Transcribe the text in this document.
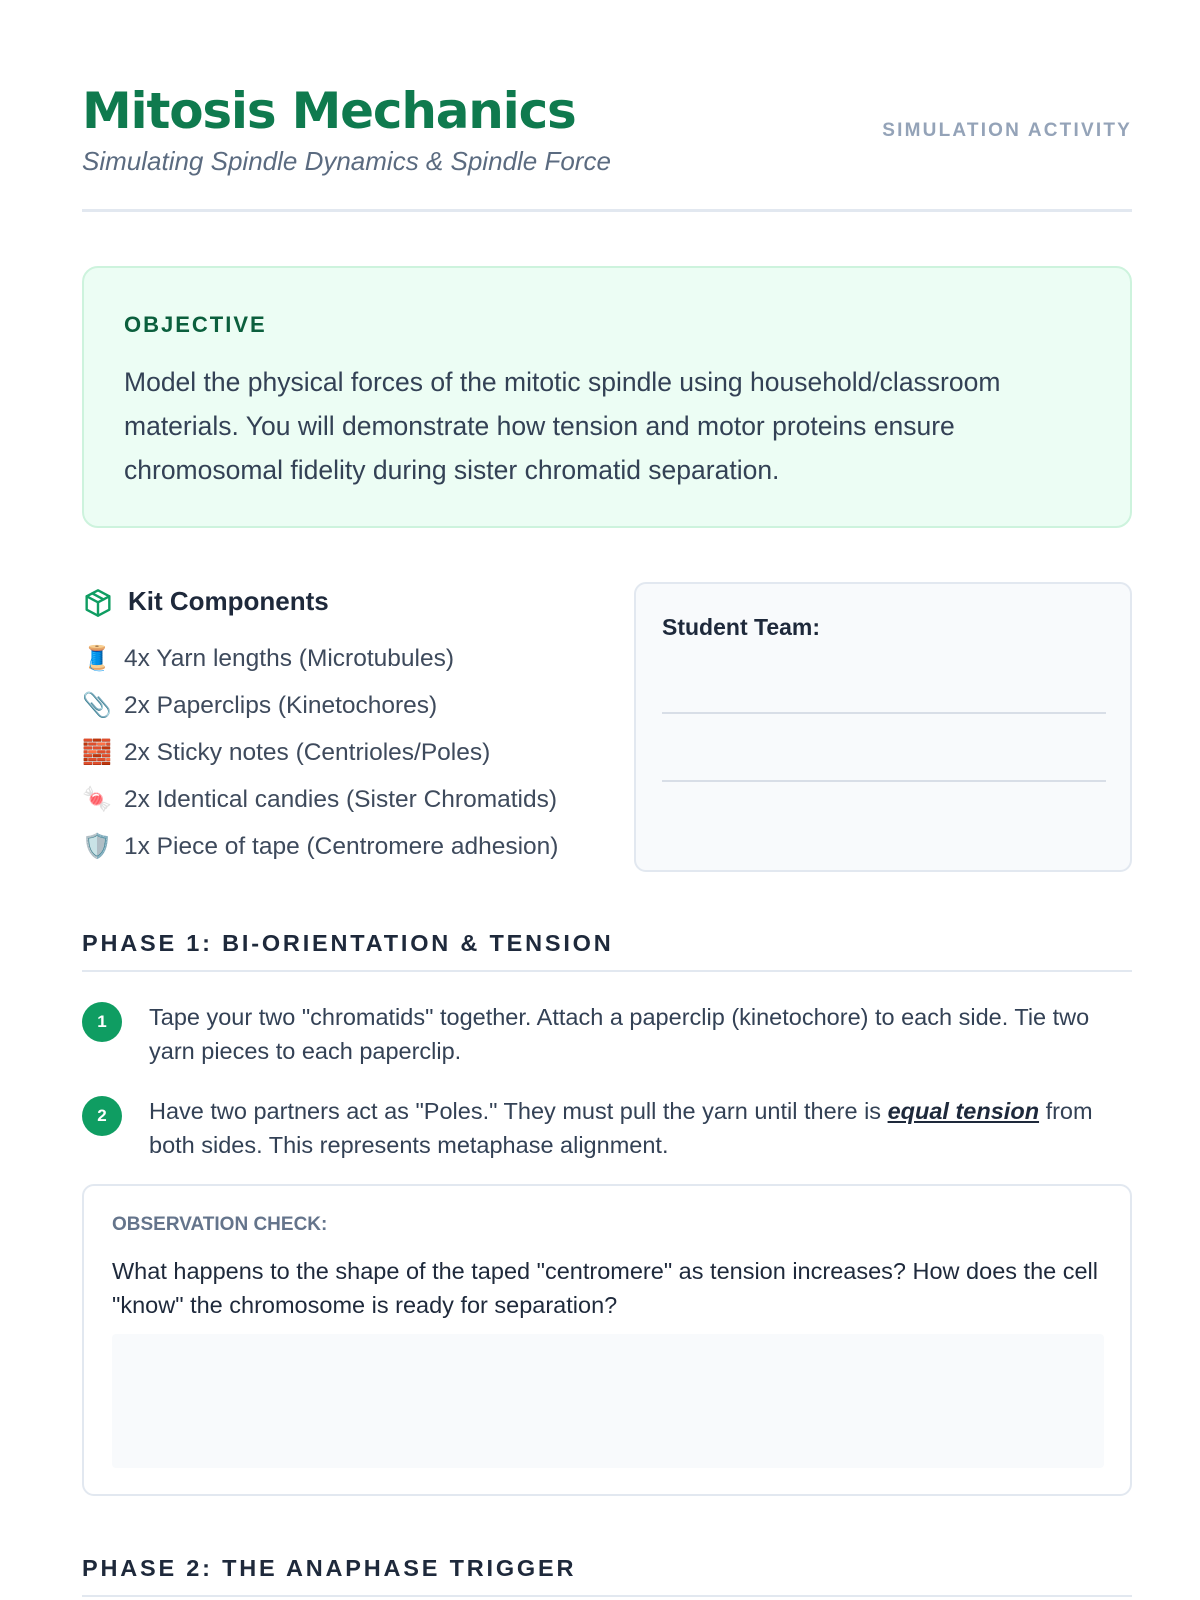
Mitosis Mechanics
Simulating Spindle Dynamics & Spindle Force
SIMULATION ACTIVITY
OBJECTIVE

Model the physical forces of the mitotic spindle using household/classroom materials. You will demonstrate how tension and motor proteins ensure chromosomal fidelity during sister chromatid separation.

Kit Components
🧵 4x Yarn lengths (Microtubules)
📎 2x Paperclips (Kinetochores)
🧱 2x Sticky notes (Centrioles/Poles)
🍬 2x Identical candies (Sister Chromatids)
🛡️ 1x Piece of tape (Centromere adhesion)
Student Team:
PHASE 1: BI-ORIENTATION & TENSION
1	Tape your two "chromatids" together. Attach a paperclip (kinetochore) to each side. Tie two yarn pieces to each paperclip.

2	Have two partners act as "Poles." They must pull the yarn until there is equal tension from both sides. This represents metaphase alignment.

OBSERVATION CHECK:

What happens to the shape of the taped "centromere" as tension increases? How does the cell "know" the chromosome is ready for separation?

PHASE 2: THE ANAPHASE TRIGGER
